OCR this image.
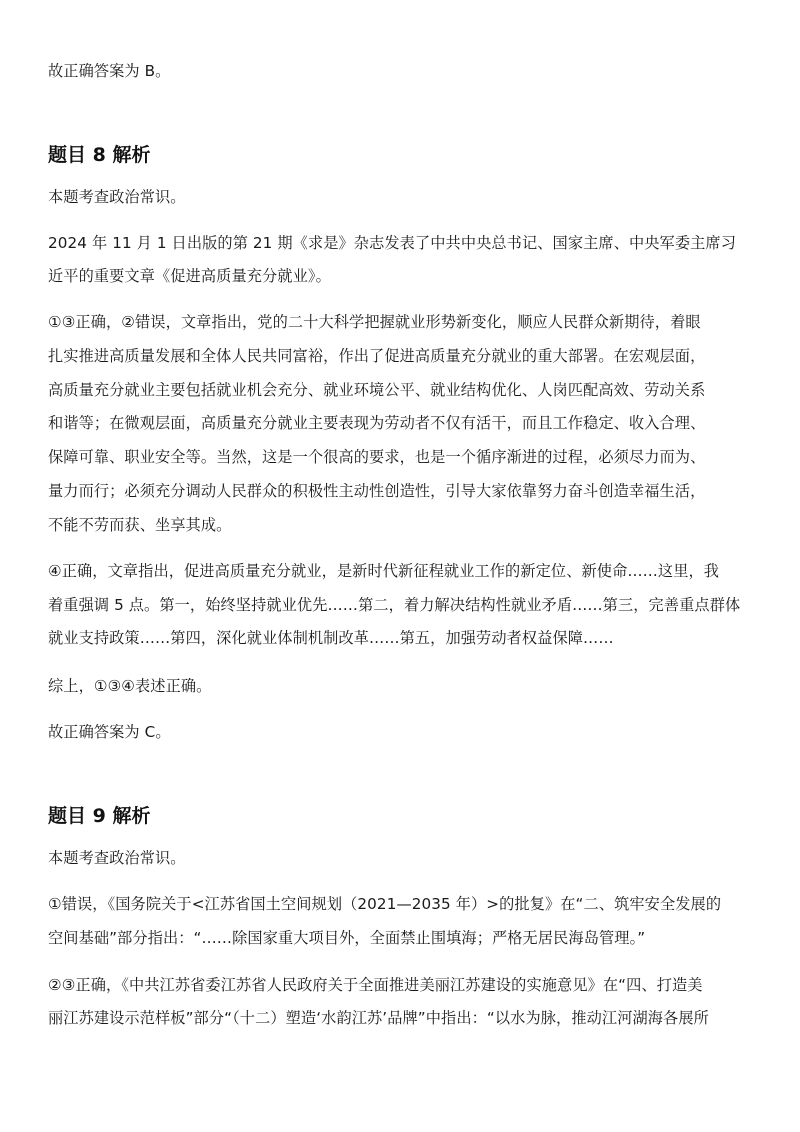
故正确答案为 B。
题目 8 解析
本题考查政治常识。
2024 年 11 月 1 日出版的第 21 期《求是》杂志发表了中共中央总书记、国家主席、中央军委主席习
近平的重要文章《促进高质量充分就业》。
①③正确，②错误，文章指出，党的二十大科学把握就业形势新变化，顺应人民群众新期待，着眼
扎实推进高质量发展和全体人民共同富裕，作出了促进高质量充分就业的重大部署。在宏观层面，
高质量充分就业主要包括就业机会充分、就业环境公平、就业结构优化、人岗匹配高效、劳动关系
和谐等；在微观层面，高质量充分就业主要表现为劳动者不仅有活干，而且工作稳定、收入合理、
保障可靠、职业安全等。当然，这是一个很高的要求，也是一个循序渐进的过程，必须尽力而为、
量力而行；必须充分调动人民群众的积极性主动性创造性，引导大家依靠努力奋斗创造幸福生活，
不能不劳而获、坐享其成。
④正确，文章指出，促进高质量充分就业，是新时代新征程就业工作的新定位、新使命……这里，我
着重强调 5 点。第一，始终坚持就业优先……第二，着力解决结构性就业矛盾……第三，完善重点群体
就业支持政策……第四，深化就业体制机制改革……第五，加强劳动者权益保障……
综上，①③④表述正确。
故正确答案为 C。
题目 9 解析
本题考查政治常识。
①错误，《国务院关于<江苏省国土空间规划（2021—2035 年）>的批复》在“二、筑牢安全发展的
空间基础”部分指出：“……除国家重大项目外，全面禁止围填海；严格无居民海岛管理。”
②③正确，《中共江苏省委江苏省人民政府关于全面推进美丽江苏建设的实施意见》在“四、打造美
丽江苏建设示范样板”部分“（十二）塑造‘水韵江苏’品牌”中指出：“以水为脉，推动江河湖海各展所
